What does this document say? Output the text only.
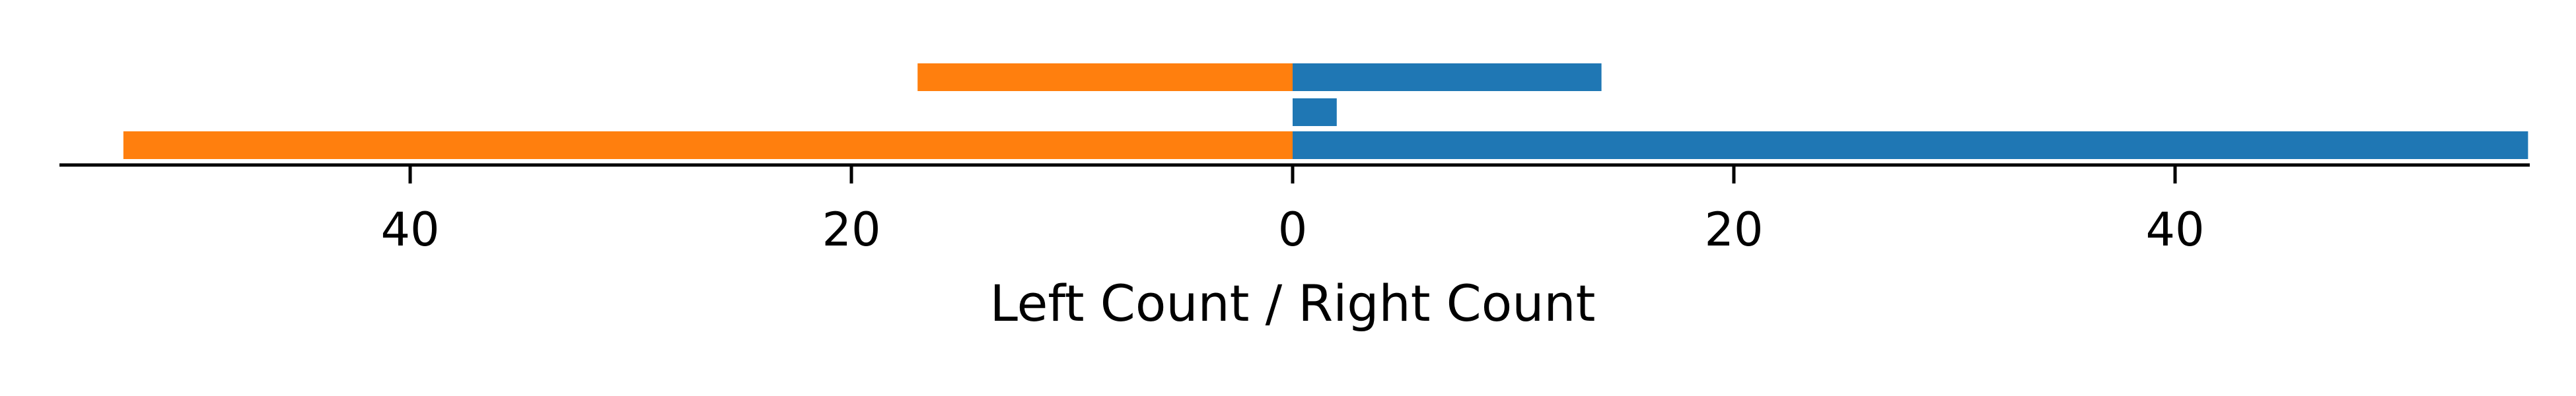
40	20	0	20	40
Left Count / Right Count
